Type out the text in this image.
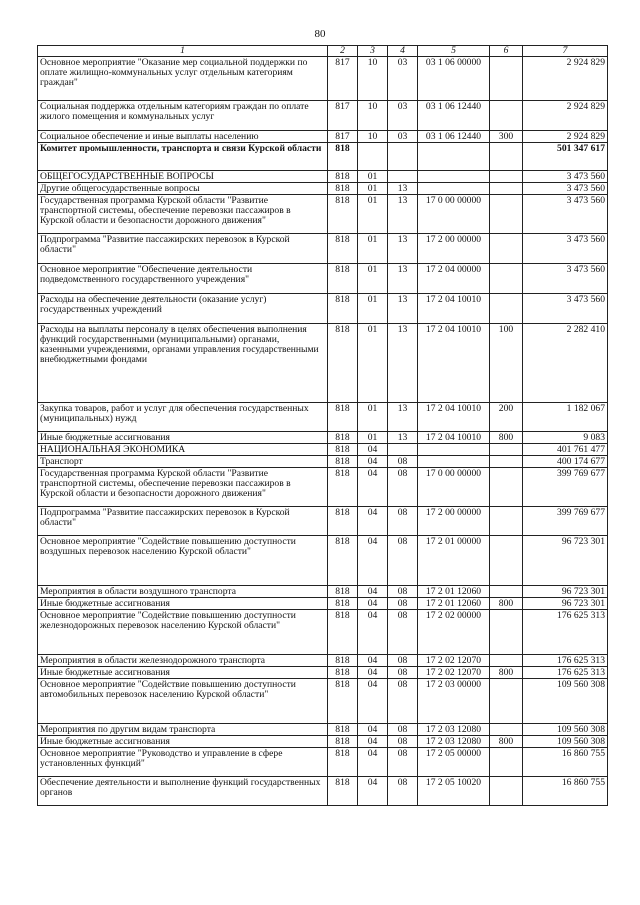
80
1	2	3	4	5	6	7
Основное мероприятие "Оказание мер социальной поддержки по оплате жилищно-коммунальных услуг отдельным категориям граждан"	817	10	03	03 1 06 00000		2 924 829
Социальная поддержка отдельным категориям граждан по оплате жилого помещения и коммунальных услуг	817	10	03	03 1 06 12440		2 924 829
Социальное обеспечение и иные выплаты населению	817	10	03	03 1 06 12440	300	2 924 829
Комитет промышленности, транспорта и связи Курской области	818					501 347 617
ОБЩЕГОСУДАРСТВЕННЫЕ ВОПРОСЫ	818	01				3 473 560
Другие общегосударственные вопросы	818	01	13			3 473 560
Государственная программа Курской области "Развитие транспортной системы, обеспечение перевозки пассажиров в Курской области и безопасности дорожного движения"	818	01	13	17 0 00 00000		3 473 560
Подпрограмма "Развитие пассажирских перевозок в Курской области"	818	01	13	17 2 00 00000		3 473 560
Основное мероприятие "Обеспечение деятельности подведомственного государственного учреждения"	818	01	13	17 2 04 00000		3 473 560
Расходы на обеспечение деятельности (оказание услуг) государственных учреждений	818	01	13	17 2 04 10010		3 473 560
Расходы на выплаты персоналу в целях обеспечения выполнения функций государственными (муниципальными) органами, казенными учреждениями, органами управления государственными внебюджетными фондами	818	01	13	17 2 04 10010	100	2 282 410
Закупка товаров, работ и услуг для обеспечения государственных (муниципальных) нужд	818	01	13	17 2 04 10010	200	1 182 067
Иные бюджетные ассигнования	818	01	13	17 2 04 10010	800	9 083
НАЦИОНАЛЬНАЯ ЭКОНОМИКА	818	04				401 761 477
Транспорт	818	04	08			400 174 677
Государственная программа Курской области "Развитие транспортной системы, обеспечение перевозки пассажиров в Курской области и безопасности дорожного движения"	818	04	08	17 0 00 00000		399 769 677
Подпрограмма "Развитие пассажирских перевозок в Курской области"	818	04	08	17 2 00 00000		399 769 677
Основное мероприятие "Содействие повышению доступности воздушных перевозок населению Курской области"	818	04	08	17 2 01 00000		96 723 301
Мероприятия в области воздушного транспорта	818	04	08	17 2 01 12060		96 723 301
Иные бюджетные ассигнования	818	04	08	17 2 01 12060	800	96 723 301
Основное мероприятие "Содействие повышению доступности железнодорожных перевозок населению Курской области"	818	04	08	17 2 02 00000		176 625 313
Мероприятия в области железнодорожного транспорта	818	04	08	17 2 02 12070		176 625 313
Иные бюджетные ассигнования	818	04	08	17 2 02 12070	800	176 625 313
Основное мероприятие "Содействие повышению доступности автомобильных перевозок населению Курской области"	818	04	08	17 2 03 00000		109 560 308
Мероприятия по другим видам транспорта	818	04	08	17 2 03 12080		109 560 308
Иные бюджетные ассигнования	818	04	08	17 2 03 12080	800	109 560 308
Основное мероприятие "Руководство и управление в сфере установленных функций"	818	04	08	17 2 05 00000		16 860 755
Обеспечение деятельности и выполнение функций государственных органов	818	04	08	17 2 05 10020		16 860 755
